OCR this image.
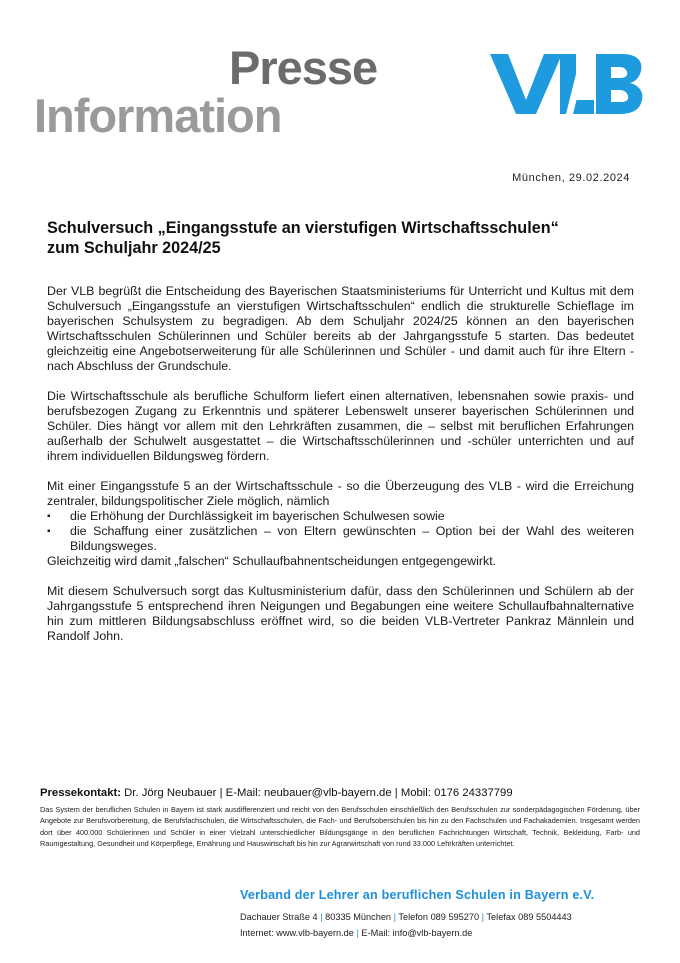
Presse
Information
München, 29.02.2024
Schulversuch „Eingangsstufe an vierstufigen Wirtschaftsschulen“
zum Schuljahr 2024/25

Der VLB begrüßt die Entscheidung des Bayerischen Staatsministeriums für Unterricht und Kultus mit dem Schulversuch „Eingangsstufe an vierstufigen Wirtschaftsschulen“ endlich die strukturelle Schieflage im bayerischen Schulsystem zu begradigen. Ab dem Schuljahr 2024/25 können an den bayerischen Wirtschaftsschulen Schülerinnen und Schüler bereits ab der Jahrgangsstufe 5 starten. Das bedeutet gleichzeitig eine Angebotserweiterung für alle Schülerinnen und Schüler - und damit auch für ihre Eltern - nach Abschluss der Grundschule.

Die Wirtschaftsschule als berufliche Schulform liefert einen alternativen, lebensnahen sowie praxis- und berufsbezogen Zugang zu Erkenntnis und späterer Lebenswelt unserer bayerischen Schülerinnen und Schüler. Dies hängt vor allem mit den Lehrkräften zusammen, die – selbst mit beruflichen Erfahrungen außerhalb der Schulwelt ausgestattet – die Wirtschaftsschülerinnen und -schüler unterrichten und auf ihrem individuellen Bildungsweg fördern.

Mit einer Eingangsstufe 5 an der Wirtschaftsschule - so die Überzeugung des VLB - wird die Erreichung zentraler, bildungspolitischer Ziele möglich, nämlich

▪ die Erhöhung der Durchlässigkeit im bayerischen Schulwesen sowie
▪ die Schaffung einer zusätzlichen – von Eltern gewünschten – Option bei der Wahl des weiteren Bildungsweges.

Gleichzeitig wird damit „falschen“ Schullaufbahnentscheidungen entgegengewirkt.

Mit diesem Schulversuch sorgt das Kultusministerium dafür, dass den Schülerinnen und Schülern ab der Jahrgangsstufe 5 entsprechend ihren Neigungen und Begabungen eine weitere Schullaufbahnalternative hin zum mittleren Bildungsabschluss eröffnet wird, so die beiden VLB-Vertreter Pankraz Männlein und Randolf John.

Pressekontakt: Dr. Jörg Neubauer | E-Mail: neubauer@vlb-bayern.de | Mobil: 0176 24337799
Das System der beruflichen Schulen in Bayern ist stark ausdifferenziert und reicht von den Berufsschulen einschließlich den Berufsschulen zur sonderpädagogischen Förderung, über Angebote zur Berufsvorbereitung, die Berufsfachschulen, die Wirtschaftsschulen, die Fach- und Berufsoberschulen bis hin zu den Fachschulen und Fachakademien. Insgesamt werden dort über 400.000 Schülerinnen und Schüler in einer Vielzahl unterschiedlicher Bildungsgänge in den beruflichen Fachrichtungen Wirtschaft, Technik, Bekleidung, Farb- und Raumgestaltung, Gesundheit und Körperpflege, Ernährung und Hauswirtschaft bis hin zur Agrarwirtschaft von rund 33.000 Lehrkräften unterrichtet.
Verband der Lehrer an beruflichen Schulen in Bayern e.V.
Dachauer Straße 4 | 80335 München | Telefon 089 595270 | Telefax 089 5504443
Internet: www.vlb-bayern.de | E-Mail: info@vlb-bayern.de
